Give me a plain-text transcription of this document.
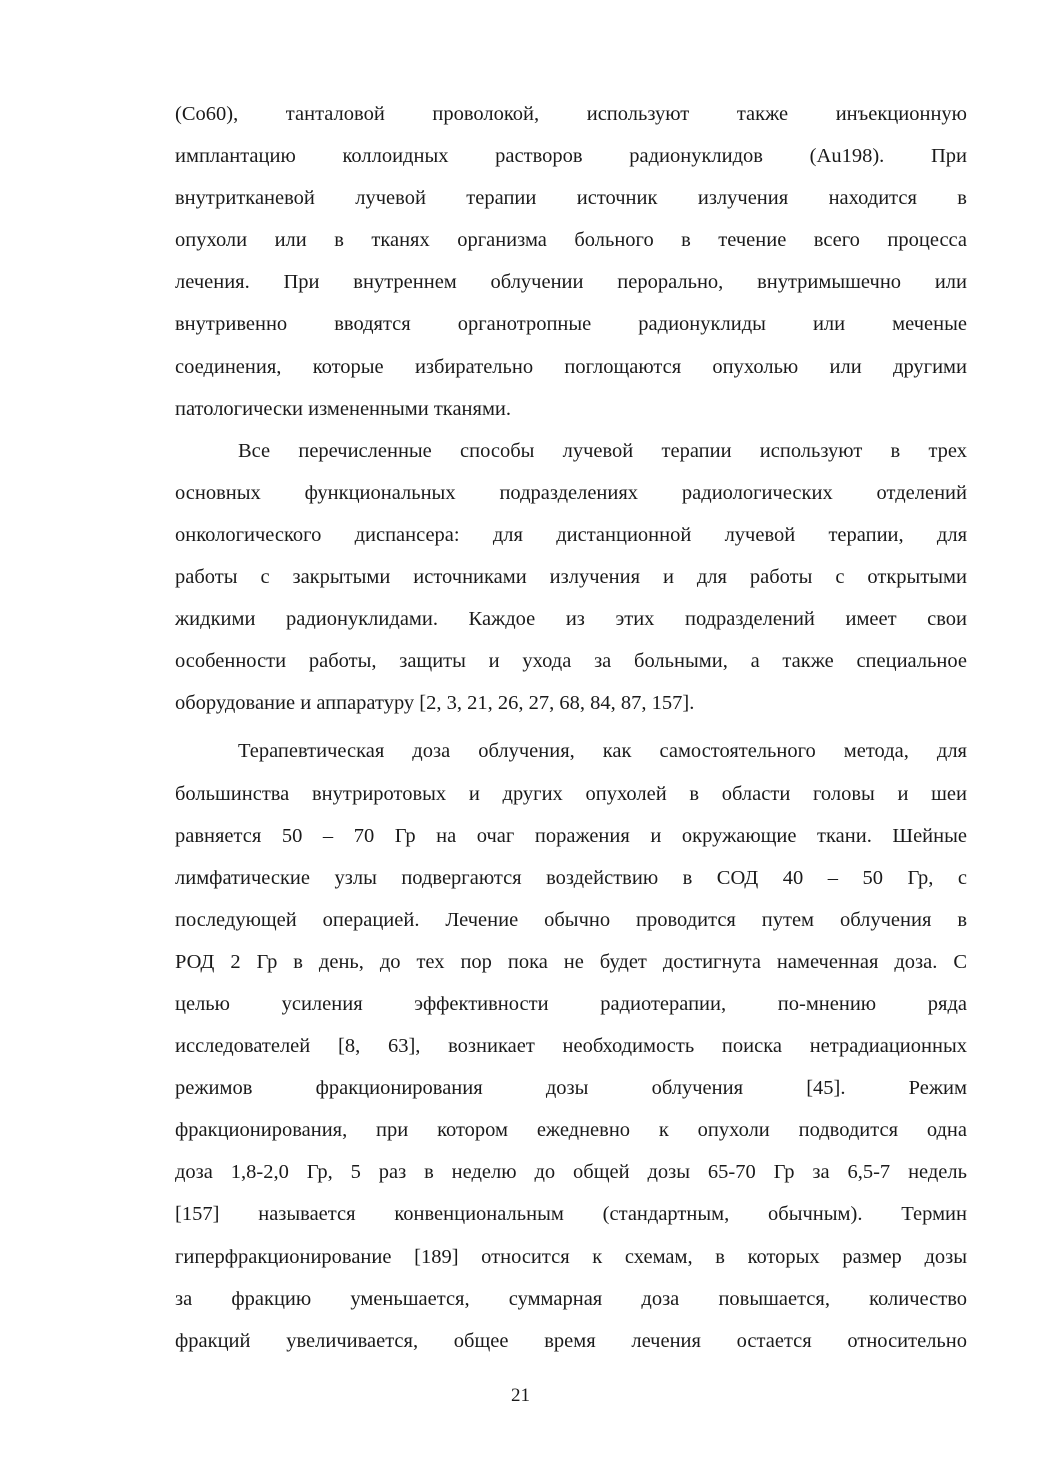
(Co60), танталовой проволокой, используют также инъекционную
имплантацию коллоидных растворов радионуклидов (Au198). При
внутритканевой лучевой терапии источник излучения находится в
опухоли или в тканях организма больного в течение всего процесса
лечения. При внутреннем облучении перорально, внутримышечно или
внутривенно вводятся органотропные радионуклиды или меченые
соединения, которые избирательно поглощаются опухолью или другими
патологически измененными тканями.

Все перечисленные способы лучевой терапии используют в трех
основных функциональных подразделениях радиологических отделений
онкологического диспансера: для дистанционной лучевой терапии, для
работы с закрытыми источниками излучения и для работы с открытыми
жидкими радионуклидами. Каждое из этих подразделений имеет свои
особенности работы, защиты и ухода за больными, а также специальное
оборудование и аппаратуру [2, 3, 21, 26, 27, 68, 84, 87, 157].

Терапевтическая доза облучения, как самостоятельного метода, для
большинства внутриротовых и других опухолей в области головы и шеи
равняется 50 – 70 Гр на очаг поражения и окружающие ткани. Шейные
лимфатические узлы подвергаются воздействию в СОД 40 – 50 Гр, с
последующей операцией. Лечение обычно проводится путем облучения в
РОД 2 Гр в день, до тех пор пока не будет достигнута намеченная доза. С
целью усиления эффективности радиотерапии, по-мнению ряда
исследователей [8, 63], возникает необходимость поиска нетрадиационных
режимов фракционирования дозы облучения [45]. Режим
фракционирования, при котором ежедневно к опухоли подводится одна
доза 1,8-2,0 Гр, 5 раз в неделю до общей дозы 65-70 Гр за 6,5-7 недель
[157] называется конвенциональным (стандартным, обычным). Термин
гиперфракционирование [189] относится к схемам, в которых размер дозы
за фракцию уменьшается, суммарная доза повышается, количество
фракций увеличивается, общее время лечения остается относительно

21
